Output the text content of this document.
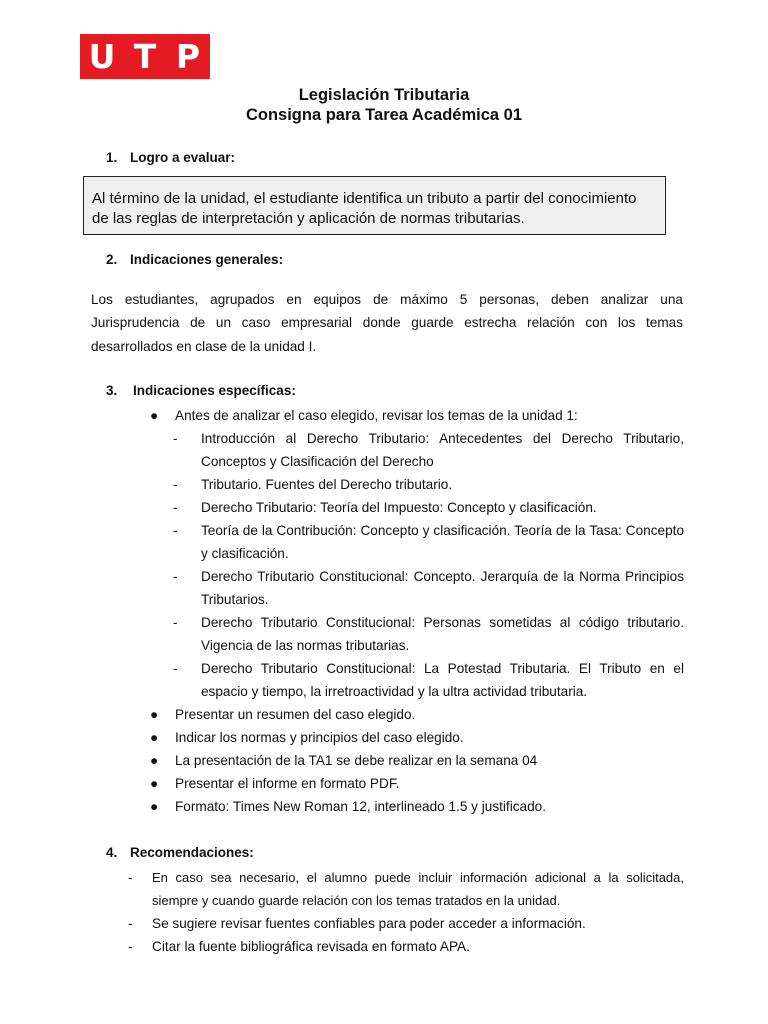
U T P
Legislación Tributaria
Consigna para Tarea Académica 01
1. Logro a evaluar:
Al término de la unidad, el estudiante identifica un tributo a partir del conocimiento de las reglas de interpretación y aplicación de normas tributarias.
2. Indicaciones generales:
Los estudiantes, agrupados en equipos de máximo 5 personas, deben analizar una Jurisprudencia de un caso empresarial donde guarde estrecha relación con los temas desarrollados en clase de la unidad I.
3. Indicaciones específicas:
● Antes de analizar el caso elegido, revisar los temas de la unidad 1:
- Introducción al Derecho Tributario: Antecedentes del Derecho Tributario, Conceptos y Clasificación del Derecho
- Tributario. Fuentes del Derecho tributario.
- Derecho Tributario: Teoría del Impuesto: Concepto y clasificación.
- Teoría de la Contribución: Concepto y clasificación. Teoría de la Tasa: Concepto y clasificación.
- Derecho Tributario Constitucional: Concepto. Jerarquía de la Norma Principios Tributarios.
- Derecho Tributario Constitucional: Personas sometidas al código tributario. Vigencia de las normas tributarias.
- Derecho Tributario Constitucional: La Potestad Tributaria. El Tributo en el espacio y tiempo, la irretroactividad y la ultra actividad tributaria.
● Presentar un resumen del caso elegido.
● Indicar los normas y principios del caso elegido.
● La presentación de la TA1 se debe realizar en la semana 04
● Presentar el informe en formato PDF.
● Formato: Times New Roman 12, interlineado 1.5 y justificado.
4. Recomendaciones:
- En caso sea necesario, el alumno puede incluir información adicional a la solicitada, siempre y cuando guarde relación con los temas tratados en la unidad.
- Se sugiere revisar fuentes confiables para poder acceder a información.
- Citar la fuente bibliográfica revisada en formato APA.
